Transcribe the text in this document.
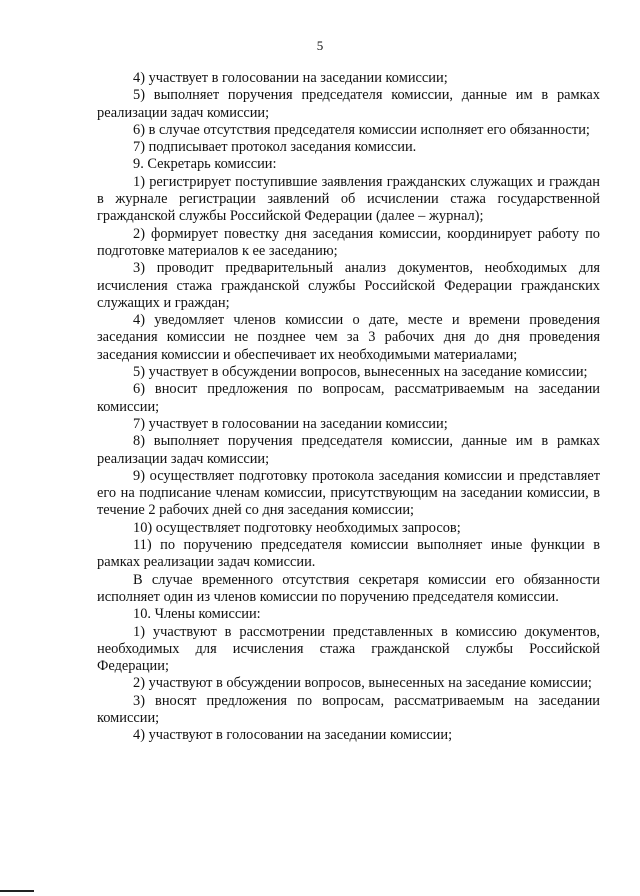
5

4) участвует в голосовании на заседании комиссии;

5) выполняет поручения председателя комиссии, данные им в рамках реализации задач комиссии;

6) в случае отсутствия председателя комиссии исполняет его обязанности;

7) подписывает протокол заседания комиссии.

9. Секретарь комиссии:

1) регистрирует поступившие заявления гражданских служащих и граждан в журнале регистрации заявлений об исчислении стажа государственной гражданской службы Российской Федерации (далее – журнал);

2) формирует повестку дня заседания комиссии, координирует работу по подготовке материалов к ее заседанию;

3) проводит предварительный анализ документов, необходимых для исчисления стажа гражданской службы Российской Федерации гражданских служащих и граждан;

4) уведомляет членов комиссии о дате, месте и времени проведения заседания комиссии не позднее чем за 3 рабочих дня до дня проведения заседания комиссии и обеспечивает их необходимыми материалами;

5) участвует в обсуждении вопросов, вынесенных на заседание комиссии;

6) вносит предложения по вопросам, рассматриваемым на заседании комиссии;

7) участвует в голосовании на заседании комиссии;

8) выполняет поручения председателя комиссии, данные им в рамках реализации задач комиссии;

9) осуществляет подготовку протокола заседания комиссии и представляет его на подписание членам комиссии, присутствующим на заседании комиссии, в течение 2 рабочих дней со дня заседания комиссии;

10) осуществляет подготовку необходимых запросов;

11) по поручению председателя комиссии выполняет иные функции в рамках реализации задач комиссии.

В случае временного отсутствия секретаря комиссии его обязанности исполняет один из членов комиссии по поручению председателя комиссии.

10. Члены комиссии:

1) участвуют в рассмотрении представленных в комиссию документов, необходимых для исчисления стажа гражданской службы Российской Федерации;

2) участвуют в обсуждении вопросов, вынесенных на заседание комиссии;

3) вносят предложения по вопросам, рассматриваемым на заседании комиссии;

4) участвуют в голосовании на заседании комиссии;
